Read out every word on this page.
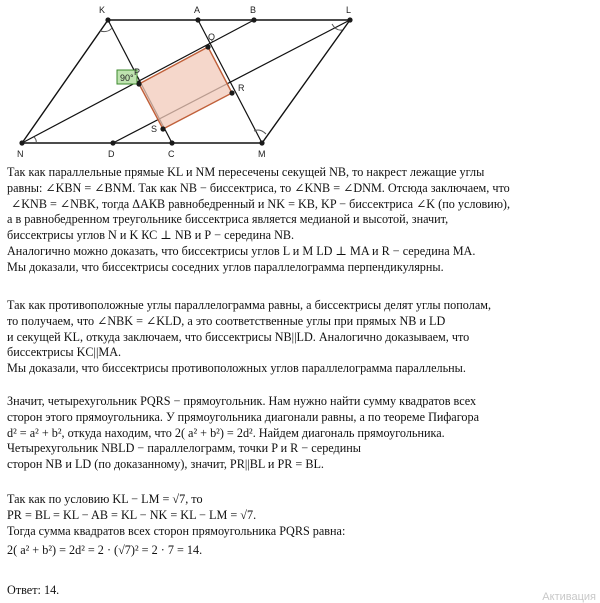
90°
K	A	B	L
Q
P
R
S
N	D	C	M
Так как параллельные прямые KL и NM пересечены секущей NB, то накрест лежащие углы
равны: ∠KBN = ∠BNM. Так как NB − биссектриса, то ∠KNB = ∠DNM. Отсюда заключаем, что
∠KNB = ∠NBK, тогда ΔАКВ равнобедренный и NK = KB, KP − биссектриса ∠K (по условию),
а в равнобедренном треугольнике биссектриса является медианой и высотой, значит,
биссектрисы углов N и K КС ⊥ NB и Р − середина NB.
Аналогично можно доказать, что биссектрисы углов L и M LD ⊥ MA и R − середина МА.
Мы доказали, что биссектрисы соседних углов параллелограмма перпендикулярны.
Так как противоположные углы параллелограмма равны, а биссектрисы делят углы пополам,
то получаем, что ∠NBK = ∠KLD, а это соответственные углы при прямых NB и LD
и секущей KL, откуда заключаем, что биссектрисы NB||LD. Аналогично доказываем, что
биссектрисы KC||MA.
Мы доказали, что биссектрисы противоположных углов параллелограмма параллельны.
Значит, четырехугольник PQRS − прямоугольник. Нам нужно найти сумму квадратов всех
сторон этого прямоугольника. У прямоугольника диагонали равны, а по теореме Пифагора
d² = a² + b², откуда находим, что 2( a² + b²) = 2d². Найдем диагональ прямоугольника.
Четырехугольник NBLD − параллелограмм, точки P и R − середины
сторон NB и LD (по доказанному), значит, PR||BL и PR = BL.
Так как по условию KL − LM = √7, то
PR = BL = KL − AB = KL − NK = KL − LM = √7.
Тогда сумма квадратов всех сторон прямоугольника PQRS равна:
2( a² + b²) = 2d² = 2 · (√7)² = 2 · 7 = 14.
Ответ: 14.	Активация
